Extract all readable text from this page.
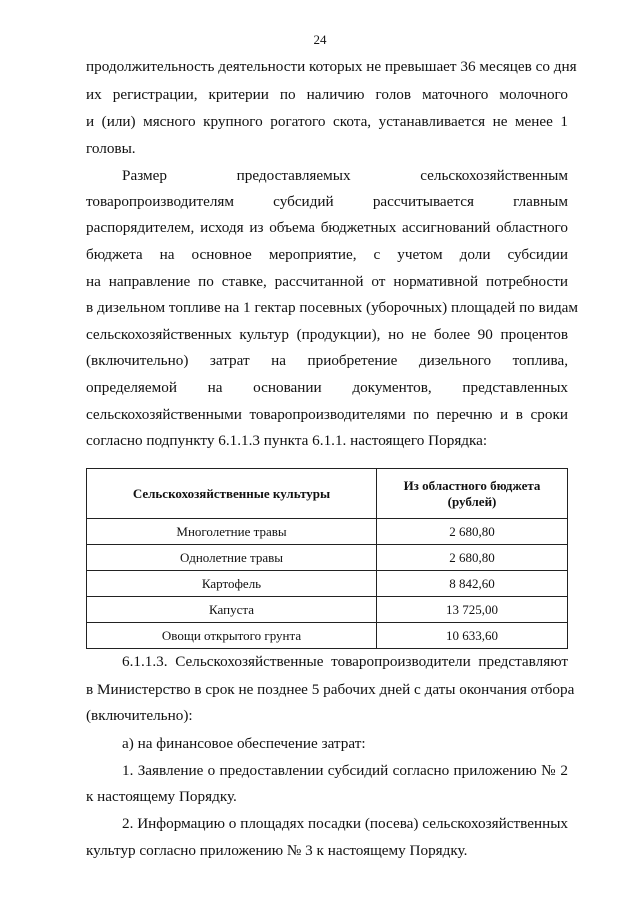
24
продолжительность деятельности которых не превышает 36 месяцев со дня
их регистрации, критерии по наличию голов маточного молочного
и (или) мясного крупного рогатого скота, устанавливается не менее 1
головы.
Размер предоставляемых сельскохозяйственным
товаропроизводителям субсидий рассчитывается главным
распорядителем, исходя из объема бюджетных ассигнований областного
бюджета на основное мероприятие, с учетом доли субсидии
на направление по ставке, рассчитанной от нормативной потребности
в дизельном топливе на 1 гектар посевных (уборочных) площадей по видам
сельскохозяйственных культур (продукции), но не более 90 процентов
(включительно) затрат на приобретение дизельного топлива,
определяемой на основании документов, представленных
сельскохозяйственными товаропроизводителями по перечню и в сроки
согласно подпункту 6.1.1.3 пункта 6.1.1. настоящего Порядка:
Сельскохозяйственные культуры	Из областного бюджета (рублей)
Многолетние травы	2 680,80
Однолетние травы	2 680,80
Картофель	8 842,60
Капуста	13 725,00
Овощи открытого грунта	10 633,60
6.1.1.3. Сельскохозяйственные товаропроизводители представляют
в Министерство в срок не позднее 5 рабочих дней с даты окончания отбора
(включительно):
а) на финансовое обеспечение затрат:
1. Заявление о предоставлении субсидий согласно приложению № 2
к настоящему Порядку.
2. Информацию о площадях посадки (посева) сельскохозяйственных
культур согласно приложению № 3 к настоящему Порядку.
